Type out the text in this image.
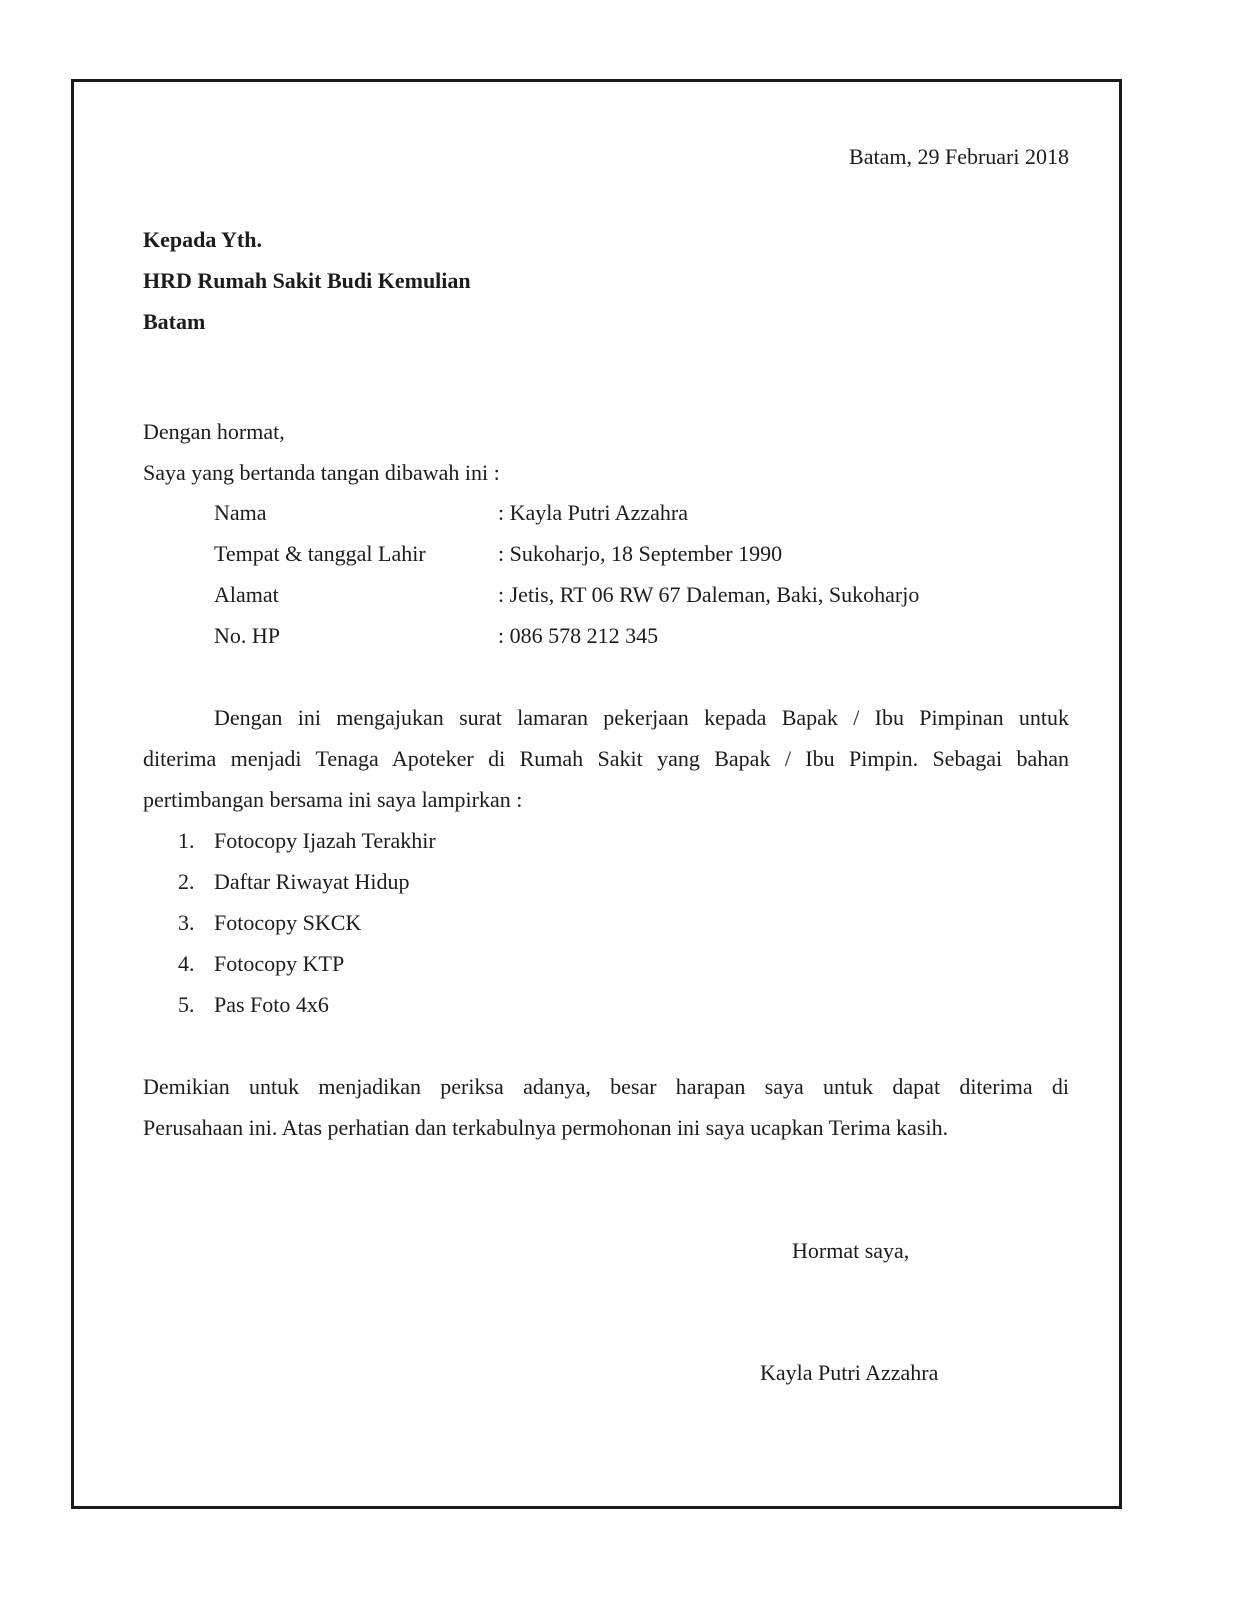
Batam, 29 Februari 2018
Kepada Yth.
HRD Rumah Sakit Budi Kemulian
Batam
Dengan hormat,
Saya yang bertanda tangan dibawah ini :
Nama	: Kayla Putri Azzahra
Tempat & tanggal Lahir	: Sukoharjo, 18 September 1990
Alamat	: Jetis, RT 06 RW 67 Daleman, Baki, Sukoharjo
No. HP	: 086 578 212 345
Dengan ini mengajukan surat lamaran pekerjaan kepada Bapak / Ibu Pimpinan untuk
diterima menjadi Tenaga Apoteker di Rumah Sakit yang Bapak / Ibu Pimpin. Sebagai bahan
pertimbangan bersama ini saya lampirkan :
1. Fotocopy Ijazah Terakhir
2. Daftar Riwayat Hidup
3. Fotocopy SKCK
4. Fotocopy KTP
5. Pas Foto 4x6
Demikian untuk menjadikan periksa adanya, besar harapan saya untuk dapat diterima di
Perusahaan ini. Atas perhatian dan terkabulnya permohonan ini saya ucapkan Terima kasih.
Hormat saya,
Kayla Putri Azzahra
